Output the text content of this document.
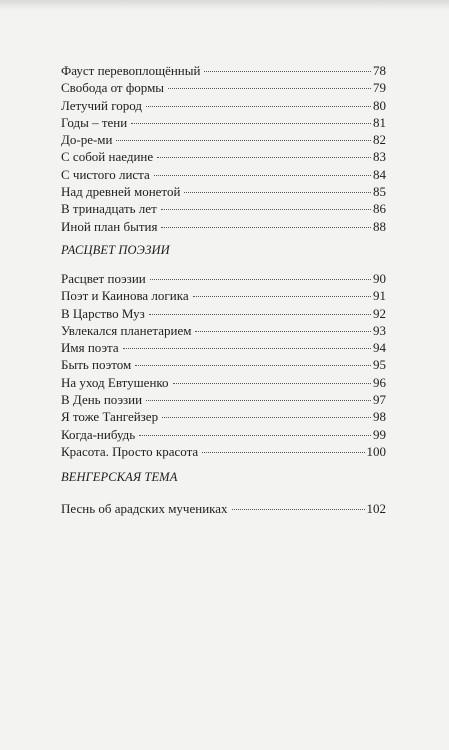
Фауст перевоплощённый	78
Свобода от формы	79
Летучий город	80
Годы – тени	81
До-ре-ми	82
С собой наедине	83
С чистого листа	84
Над древней монетой	85
В тринадцать лет	86
Иной план бытия	88
РАСЦВЕТ ПОЭЗИИ
Расцвет поэзии	90
Поэт и Каинова логика	91
В Царство Муз	92
Увлекался планетарием	93
Имя поэта	94
Быть поэтом	95
На уход Евтушенко	96
В День поэзии	97
Я тоже Тангейзер	98
Когда-нибудь	99
Красота. Просто красота	100
ВЕНГЕРСКАЯ ТЕМА
Песнь об арадских мучениках	102
